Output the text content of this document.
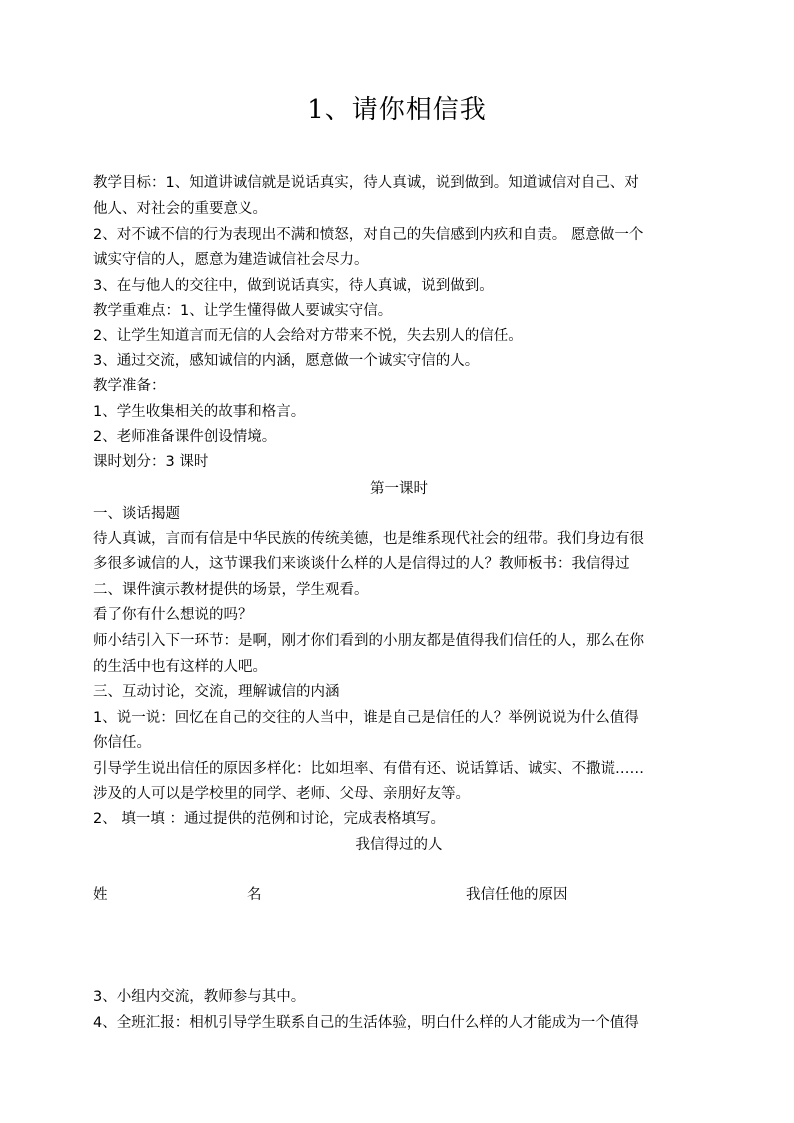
1、请你相信我
教学目标：1、知道讲诚信就是说话真实，待人真诚，说到做到。知道诚信对自己、对
他人、对社会的重要意义。
2、对不诚不信的行为表现出不满和愤怒，对自己的失信感到内疚和自责。 愿意做一个
诚实守信的人，愿意为建造诚信社会尽力。
3、在与他人的交往中，做到说话真实，待人真诚，说到做到。
教学重难点：1、让学生懂得做人要诚实守信。
2、让学生知道言而无信的人会给对方带来不悦，失去别人的信任。
3、通过交流，感知诚信的内涵，愿意做一个诚实守信的人。
教学准备：
1、学生收集相关的故事和格言。
2、老师准备课件创设情境。
课时划分：3 课时
第一课时
一、谈话揭题
待人真诚，言而有信是中华民族的传统美德，也是维系现代社会的纽带。我们身边有很
多很多诚信的人，这节课我们来谈谈什么样的人是信得过的人？教师板书：我信得过
二、课件演示教材提供的场景，学生观看。
看了你有什么想说的吗？
师小结引入下一环节：是啊，刚才你们看到的小朋友都是值得我们信任的人，那么在你
的生活中也有这样的人吧。
三、互动讨论，交流，理解诚信的内涵
1、说一说：回忆在自己的交往的人当中，谁是自己是信任的人？举例说说为什么值得
你信任。
引导学生说出信任的原因多样化：比如坦率、有借有还、说话算话、诚实、不撒谎……
涉及的人可以是学校里的同学、老师、父母、亲朋好友等。
2、 填一填 ：通过提供的范例和讨论，完成表格填写。
我信得过的人
姓	名	我信任他的原因
3、小组内交流，教师参与其中。
4、全班汇报：相机引导学生联系自己的生活体验，明白什么样的人才能成为一个值得
